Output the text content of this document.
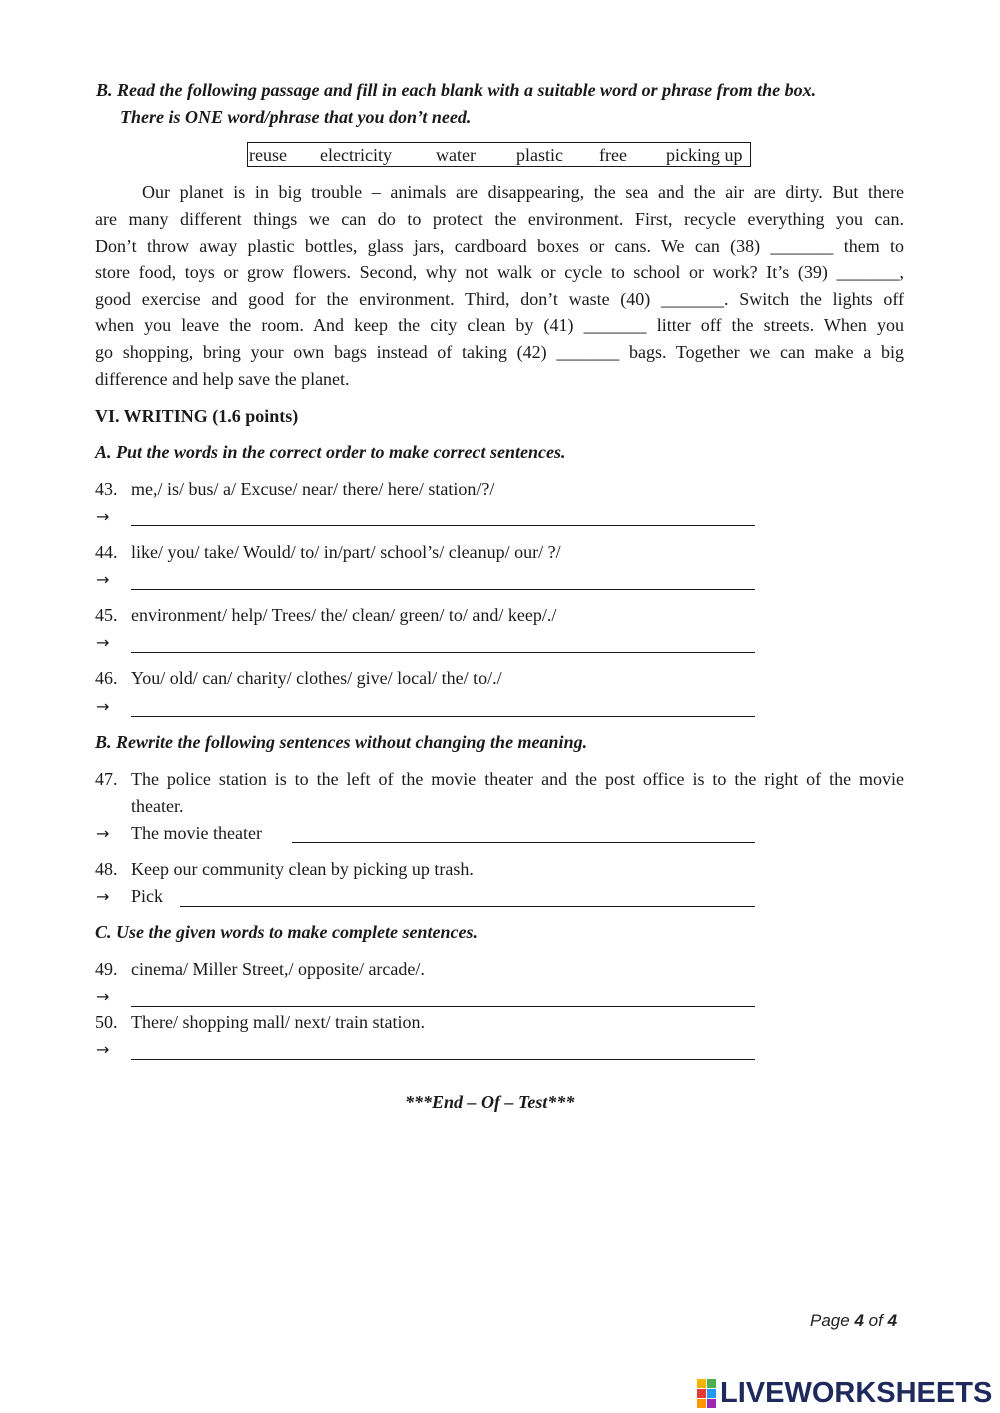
B. Read the following passage and fill in each blank with a suitable word or phrase from the box.
There is ONE word/phrase that you don’t need.
reuse electricity water plastic free picking up
Our planet is in big trouble – animals are disappearing, the sea and the air are dirty. But there
are many different things we can do to protect the environment. First, recycle everything you can.
Don’t throw away plastic bottles, glass jars, cardboard boxes or cans. We can (38) _______ them to
store food, toys or grow flowers. Second, why not walk or cycle to school or work? It’s (39) _______,
good exercise and good for the environment. Third, don’t waste (40) _______. Switch the lights off
when you leave the room. And keep the city clean by (41) _______ litter off the streets. When you
go shopping, bring your own bags instead of taking (42) _______ bags. Together we can make a big
difference and help save the planet.
VI. WRITING (1.6 points)
A. Put the words in the correct order to make correct sentences.
43. me,/ is/ bus/ a/ Excuse/ near/ there/ here/ station/?/
→
44. like/ you/ take/ Would/ to/ in/part/ school’s/ cleanup/ our/ ?/
→
45. environment/ help/ Trees/ the/ clean/ green/ to/ and/ keep/./
→
46. You/ old/ can/ charity/ clothes/ give/ local/ the/ to/./
→
B. Rewrite the following sentences without changing the meaning.
47. The police station is to the left of the movie theater and the post office is to the right of the movie
theater.
→ The movie theater
48. Keep our community clean by picking up trash.
→ Pick
C. Use the given words to make complete sentences.
49. cinema/ Miller Street,/ opposite/ arcade/.
→
50. There/ shopping mall/ next/ train station.
→
***End – Of – Test***
Page 4 of 4
LIVEWORKSHEETS
